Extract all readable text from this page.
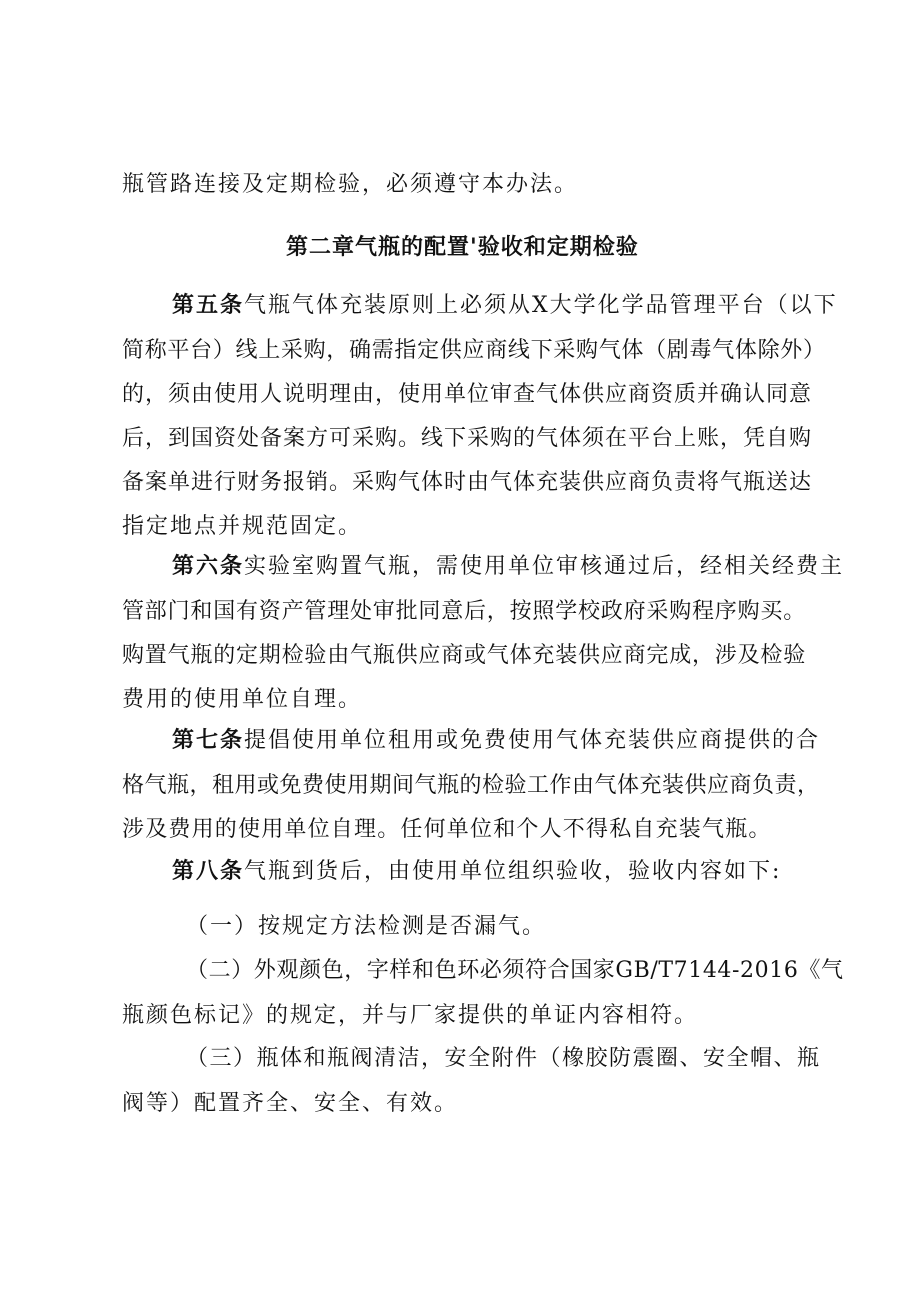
瓶管路连接及定期检验，必须遵守本办法。
第二章气瓶的配置'验收和定期检验
第五条气瓶气体充装原则上必须从X大学化学品管理平台（以下
简称平台）线上采购，确需指定供应商线下采购气体（剧毒气体除外）
的，须由使用人说明理由，使用单位审查气体供应商资质并确认同意
后，到国资处备案方可采购。线下采购的气体须在平台上账，凭自购
备案单进行财务报销。采购气体时由气体充装供应商负责将气瓶送达
指定地点并规范固定。
第六条实验室购置气瓶，需使用单位审核通过后，经相关经费主
管部门和国有资产管理处审批同意后，按照学校政府采购程序购买。
购置气瓶的定期检验由气瓶供应商或气体充装供应商完成，涉及检验
费用的使用单位自理。
第七条提倡使用单位租用或免费使用气体充装供应商提供的合
格气瓶，租用或免费使用期间气瓶的检验工作由气体充装供应商负责，
涉及费用的使用单位自理。任何单位和个人不得私自充装气瓶。
第八条气瓶到货后，由使用单位组织验收，验收内容如下:
（一）按规定方法检测是否漏气。
（二）外观颜色，字样和色环必须符合国家GB/T7144-2016《气
瓶颜色标记》的规定，并与厂家提供的单证内容相符。
（三）瓶体和瓶阀清洁，安全附件（橡胶防震圈、安全帽、瓶
阀等）配置齐全、安全、有效。
